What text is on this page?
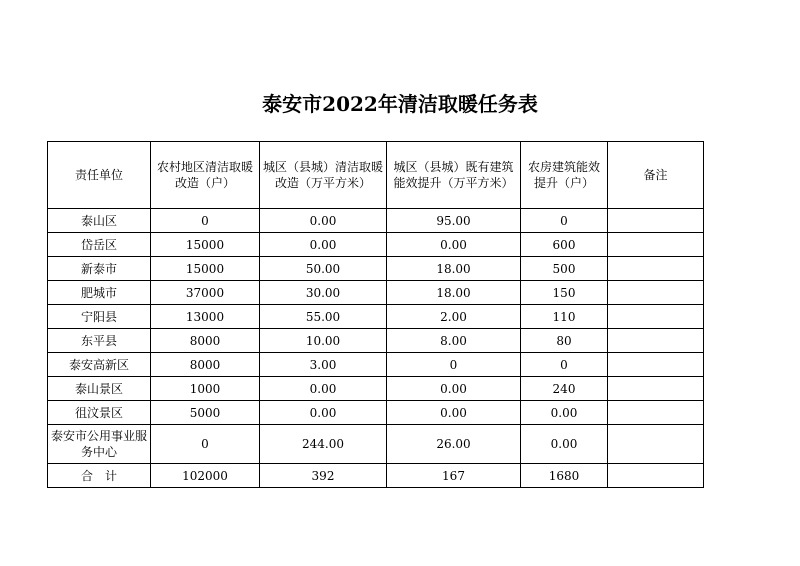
泰安市2022年清洁取暖任务表
责任单位	农村地区清洁取暖改造（户）	城区（县城）清洁取暖改造（万平方米）	城区（县城）既有建筑能效提升（万平方米）	农房建筑能效提升（户）	备注
泰山区	0	0.00	95.00	0	
岱岳区	15000	0.00	0.00	600	
新泰市	15000	50.00	18.00	500	
肥城市	37000	30.00	18.00	150	
宁阳县	13000	55.00	2.00	110	
东平县	8000	10.00	8.00	80	
泰安高新区	8000	3.00	0	0	
泰山景区	1000	0.00	0.00	240	
徂汶景区	5000	0.00	0.00	0.00	
泰安市公用事业服务中心	0	244.00	26.00	0.00	
合　计	102000	392	167	1680	
